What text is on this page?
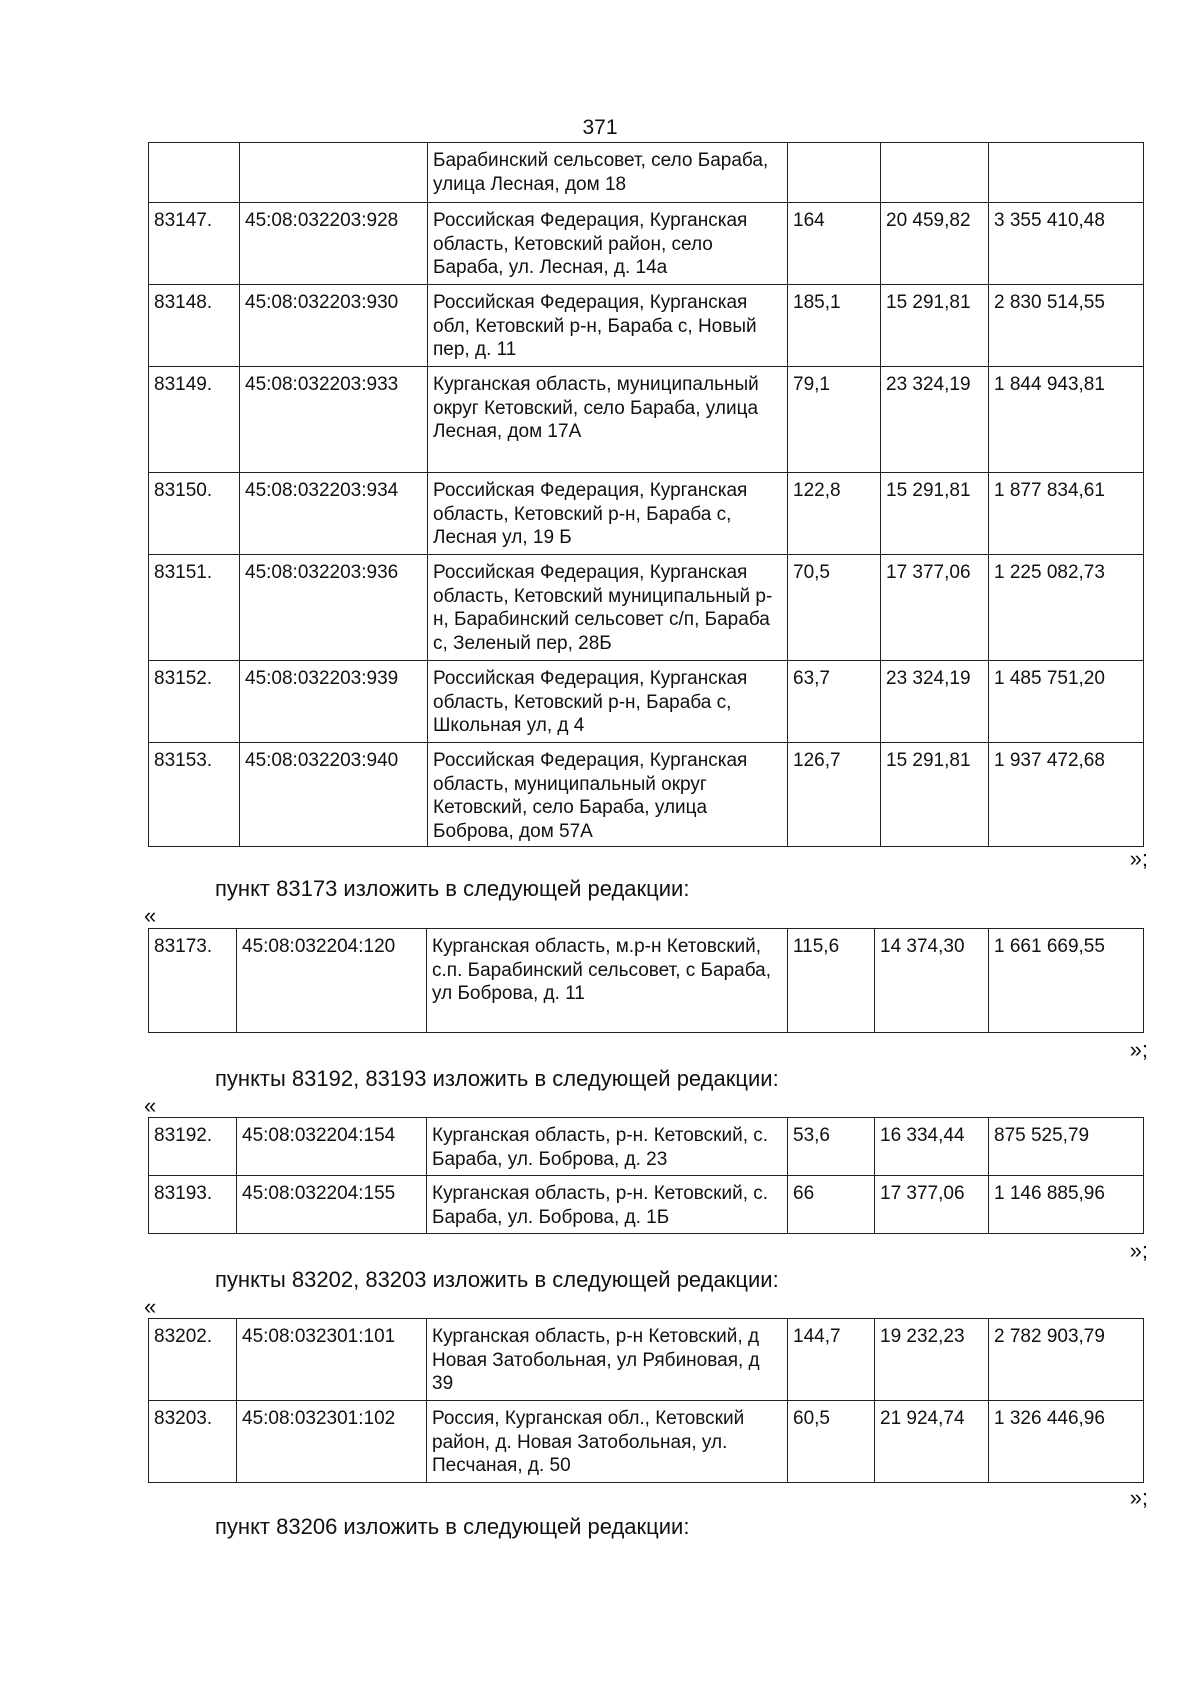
371
		Барабинский сельсовет, село Бараба, улица Лесная, дом 18			
83147.	45:08:032203:928	Российская Федерация, Курганская область, Кетовский район, село Бараба, ул. Лесная, д. 14а	164	20 459,82	3 355 410,48
83148.	45:08:032203:930	Российская Федерация, Курганская обл, Кетовский р-н, Бараба с, Новый пер, д. 11	185,1	15 291,81	2 830 514,55
83149.	45:08:032203:933	Курганская область, муниципальный округ Кетовский, село Бараба, улица Лесная, дом 17А	79,1	23 324,19	1 844 943,81
83150.	45:08:032203:934	Российская Федерация, Курганская область, Кетовский р-н, Бараба с, Лесная ул, 19 Б	122,8	15 291,81	1 877 834,61
83151.	45:08:032203:936	Российская Федерация, Курганская область, Кетовский муниципальный р-н, Барабинский сельсовет с/п, Бараба с, Зеленый пер, 28Б	70,5	17 377,06	1 225 082,73
83152.	45:08:032203:939	Российская Федерация, Курганская область, Кетовский р-н, Бараба с, Школьная ул, д 4	63,7	23 324,19	1 485 751,20
83153.	45:08:032203:940	Российская Федерация, Курганская область, муниципальный округ Кетовский, село Бараба, улица Боброва, дом 57А	126,7	15 291,81	1 937 472,68
»;
пункт 83173 изложить в следующей редакции:
«
83173.	45:08:032204:120	Курганская область, м.р-н Кетовский, с.п. Барабинский сельсовет, с Бараба, ул Боброва, д. 11	115,6	14 374,30	1 661 669,55
»;
пункты 83192, 83193 изложить в следующей редакции:
«
83192.	45:08:032204:154	Курганская область, р-н. Кетовский, с. Бараба, ул. Боброва, д. 23	53,6	16 334,44	875 525,79
83193.	45:08:032204:155	Курганская область, р-н. Кетовский, с. Бараба, ул. Боброва, д. 1Б	66	17 377,06	1 146 885,96
»;
пункты 83202, 83203 изложить в следующей редакции:
«
83202.	45:08:032301:101	Курганская область, р-н Кетовский, д Новая Затобольная, ул Рябиновая, д 39	144,7	19 232,23	2 782 903,79
83203.	45:08:032301:102	Россия, Курганская обл., Кетовский район, д. Новая Затобольная, ул. Песчаная, д. 50	60,5	21 924,74	1 326 446,96
»;
пункт 83206 изложить в следующей редакции:
